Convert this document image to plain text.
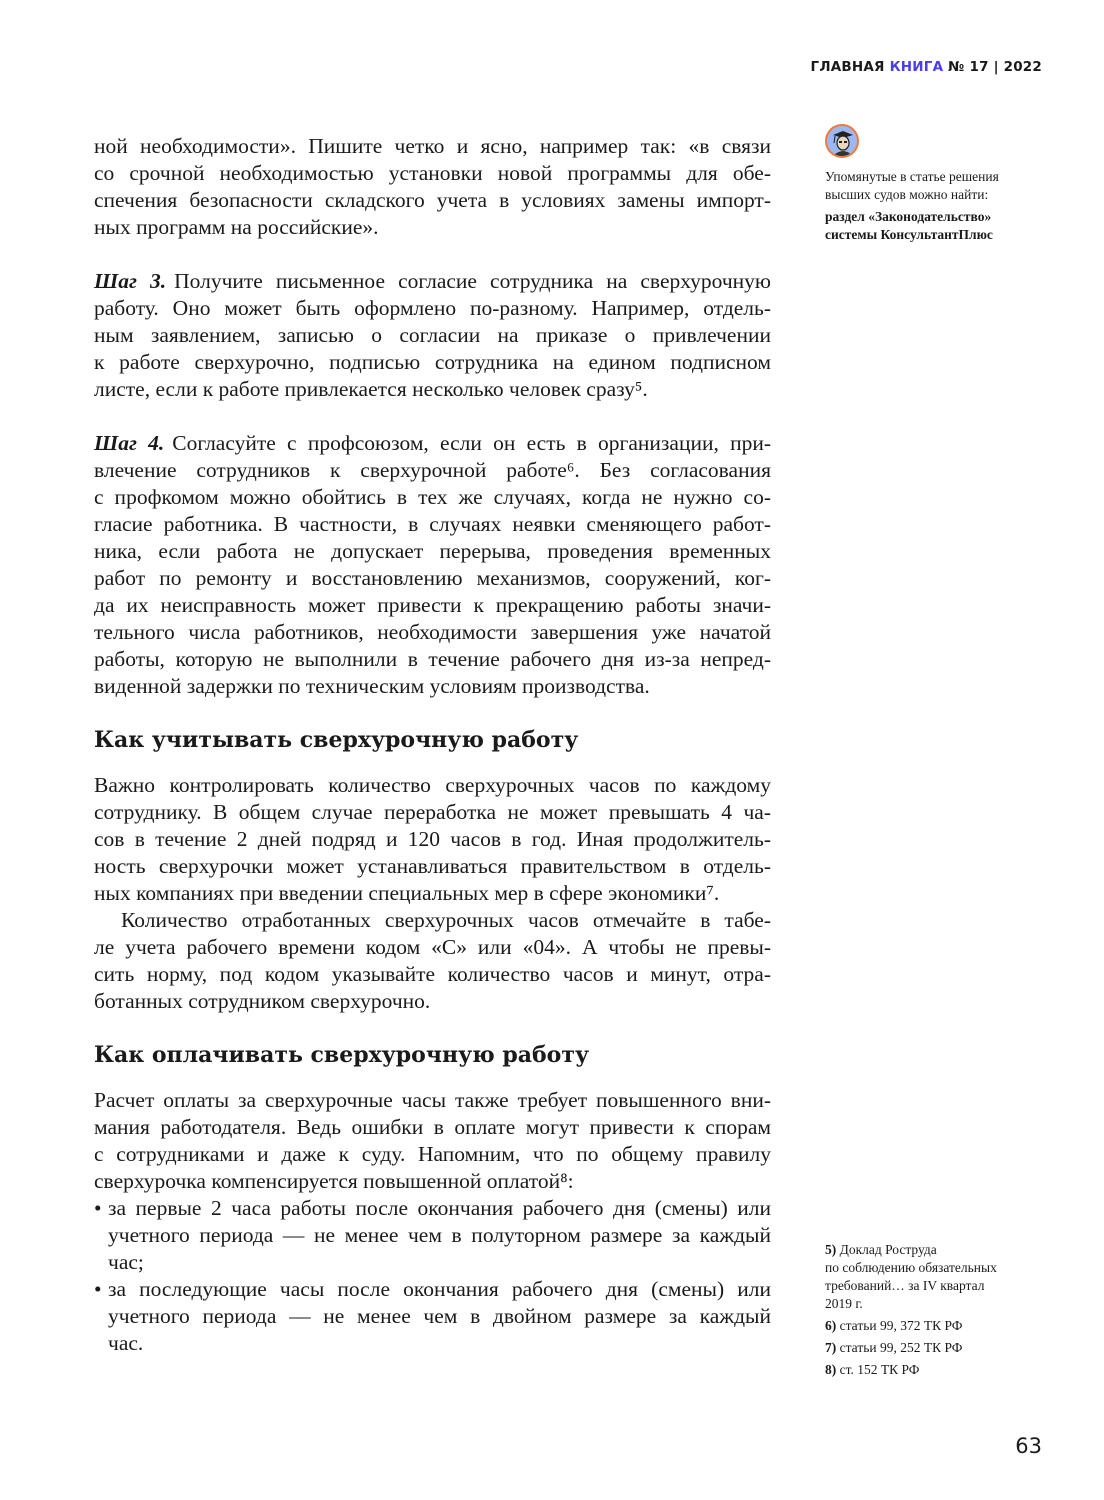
ГЛАВНАЯ КНИГА № 17 | 2022
Упомянутые в статье решения
высших судов можно найти:
раздел «Законодательство»
системы КонсультантПлюс
ной необходимости». Пишите четко и ясно, например так: «в связи
со срочной необходимостью установки новой программы для обе-
спечения безопасности складского учета в условиях замены импорт-
ных программ на российские».
Шаг 3. Получите письменное согласие сотрудника на сверхурочную
работу. Оно может быть оформлено по-разному. Например, отдель-
ным заявлением, записью о согласии на приказе о привлечении
к работе сверхурочно, подписью сотрудника на едином подписном
листе, если к работе привлекается несколько человек сразу⁵.
Шаг 4. Согласуйте с профсоюзом, если он есть в организации, при-
влечение сотрудников к сверхурочной работе⁶. Без согласования
с профкомом можно обойтись в тех же случаях, когда не нужно со-
гласие работника. В частности, в случаях неявки сменяющего работ-
ника, если работа не допускает перерыва, проведения временных
работ по ремонту и восстановлению механизмов, сооружений, ког-
да их неисправность может привести к прекращению работы значи-
тельного числа работников, необходимости завершения уже начатой
работы, которую не выполнили в течение рабочего дня из-за непред-
виденной задержки по техническим условиям производства.
Как учитывать сверхурочную работу
Важно контролировать количество сверхурочных часов по каждому
сотруднику. В общем случае переработка не может превышать 4 ча-
сов в течение 2 дней подряд и 120 часов в год. Иная продолжитель-
ность сверхурочки может устанавливаться правительством в отдель-
ных компаниях при введении специальных мер в сфере экономики⁷.
Количество отработанных сверхурочных часов отмечайте в табе-
ле учета рабочего времени кодом «С» или «04». А чтобы не превы-
сить норму, под кодом указывайте количество часов и минут, отра-
ботанных сотрудником сверхурочно.
Как оплачивать сверхурочную работу
Расчет оплаты за сверхурочные часы также требует повышенного вни-
мания работодателя. Ведь ошибки в оплате могут привести к спорам
с сотрудниками и даже к суду. Напомним, что по общему правилу
сверхурочка компенсируется повышенной оплатой⁸:
• за первые 2 часа работы после окончания рабочего дня (смены) или
учетного периода — не менее чем в полуторном размере за каждый
час;
• за последующие часы после окончания рабочего дня (смены) или
учетного периода — не менее чем в двойном размере за каждый
час.
5) Доклад Роструда
по соблюдению обязательных
требований… за IV квартал
2019 г.
6) статьи 99, 372 ТК РФ
7) статьи 99, 252 ТК РФ
8) ст. 152 ТК РФ
63
